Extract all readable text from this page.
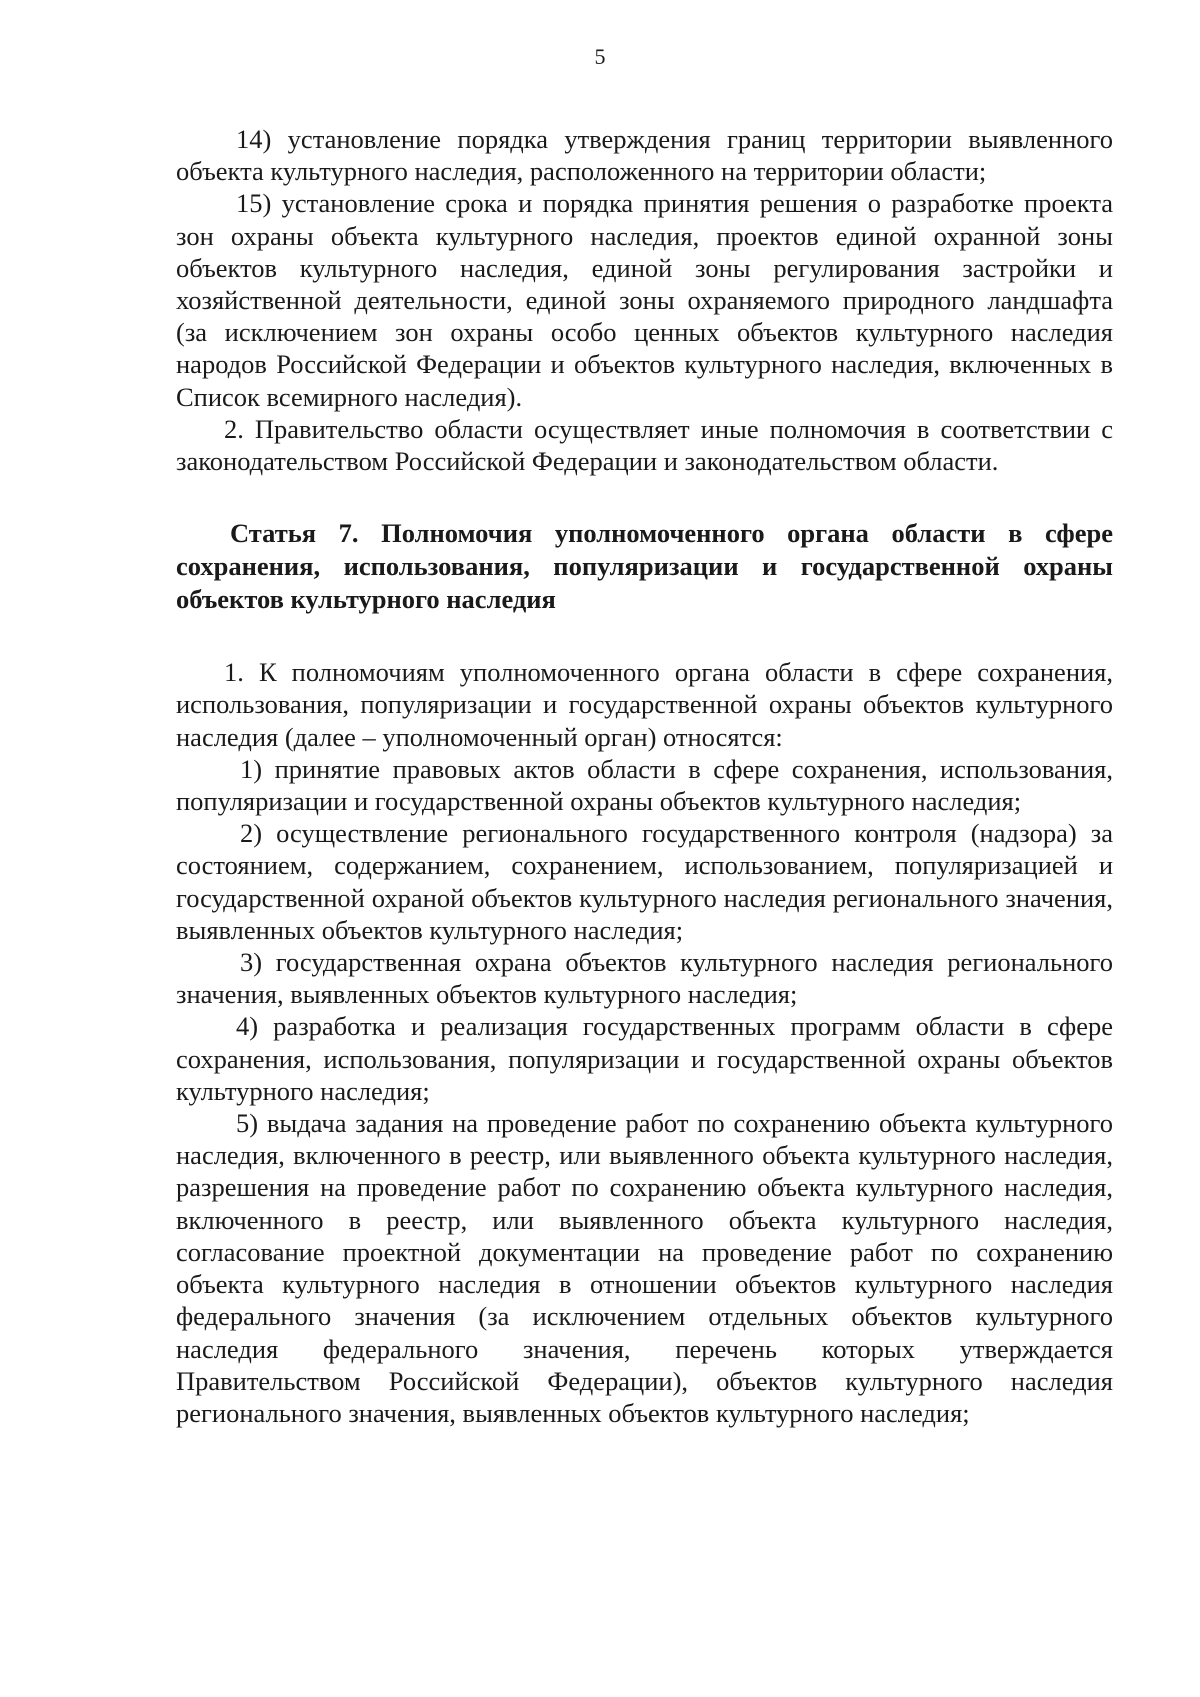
5

14) установление порядка утверждения границ территории выявленного объекта культурного наследия, расположенного на территории области;

15) установление срока и порядка принятия решения о разработке проекта зон охраны объекта культурного наследия, проектов единой охранной зоны объектов культурного наследия, единой зоны регулирования застройки и хозяйственной деятельности, единой зоны охраняемого природного ландшафта (за исключением зон охраны особо ценных объектов культурного наследия народов Российской Федерации и объектов культурного наследия, включенных в Список всемирного наследия).

2. Правительство области осуществляет иные полномочия в соответствии с законодательством Российской Федерации и законодательством области.

Статья 7. Полномочия уполномоченного органа области в сфере сохранения, использования, популяризации и государственной охраны объектов культурного наследия

1. К полномочиям уполномоченного органа области в сфере сохранения, использования, популяризации и государственной охраны объектов культурного наследия (далее – уполномоченный орган) относятся:

1) принятие правовых актов области в сфере сохранения, использования, популяризации и государственной охраны объектов культурного наследия;

2) осуществление регионального государственного контроля (надзора) за состоянием, содержанием, сохранением, использованием, популяризацией и государственной охраной объектов культурного наследия регионального значения, выявленных объектов культурного наследия;

3) государственная охрана объектов культурного наследия регионального значения, выявленных объектов культурного наследия;

4) разработка и реализация государственных программ области в сфере сохранения, использования, популяризации и государственной охраны объектов культурного наследия;

5) выдача задания на проведение работ по сохранению объекта культурного наследия, включенного в реестр, или выявленного объекта культурного наследия, разрешения на проведение работ по сохранению объекта культурного наследия, включенного в реестр, или выявленного объекта культурного наследия, согласование проектной документации на проведение работ по сохранению объекта культурного наследия в отношении объектов культурного наследия федерального значения (за исключением отдельных объектов культурного наследия федерального значения, перечень которых утверждается Правительством Российской Федерации), объектов культурного наследия регионального значения, выявленных объектов культурного наследия;
